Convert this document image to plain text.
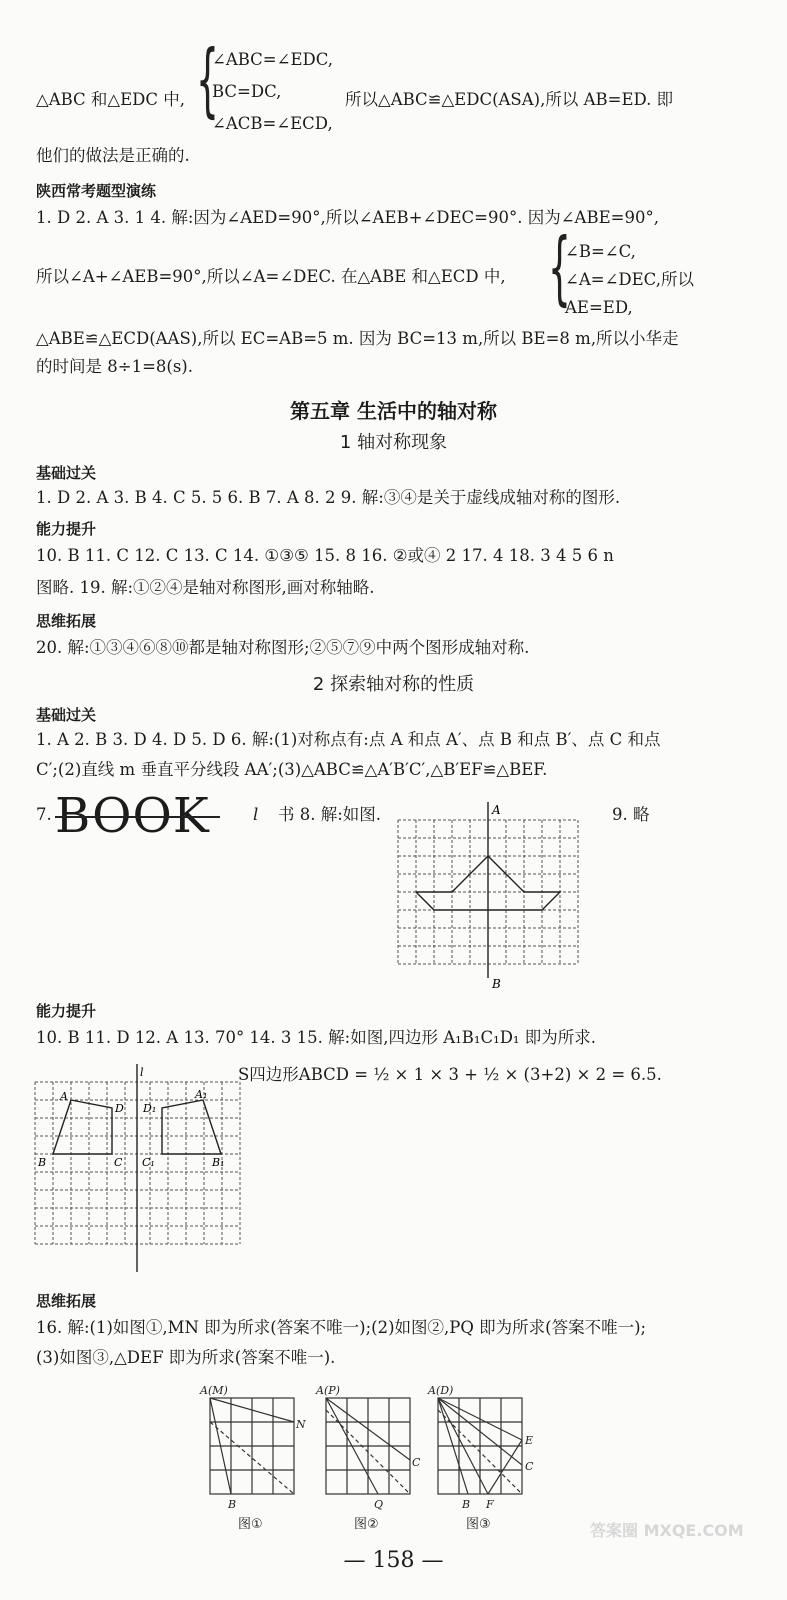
△ABC 和△EDC 中, {
∠ABC=∠EDC,
BC=DC,
∠ACB=∠ECD,
所以△ABC≌△EDC(ASA),所以 AB=ED. 即
他们的做法是正确的.
陕西常考题型演练
1. D 2. A 3. 1 4. 解:因为∠AED=90°,所以∠AEB+∠DEC=90°. 因为∠ABE=90°,
所以∠A+∠AEB=90°,所以∠A=∠DEC. 在△ABE 和△ECD 中, {
∠B=∠C,
∠A=∠DEC,所以
AE=ED,
△ABE≌△ECD(AAS),所以 EC=AB=5 m. 因为 BC=13 m,所以 BE=8 m,所以小华走
的时间是 8÷1=8(s).
第五章 生活中的轴对称
1 轴对称现象
基础过关
1. D 2. A 3. B 4. C 5. 5 6. B 7. A 8. 2 9. 解:③④是关于虚线成轴对称的图形.
能力提升
10. B 11. C 12. C 13. C 14. ①③⑤ 15. 8 16. ②或④ 2 17. 4 18. 3 4 5 6 n
图略. 19. 解:①②④是轴对称图形,画对称轴略.
思维拓展
20. 解:①③④⑥⑧⑩都是轴对称图形;②⑤⑦⑨中两个图形成轴对称.
2 探索轴对称的性质
基础过关
1. A 2. B 3. D 4. D 5. D 6. 解:(1)对称点有:点 A 和点 A′、点 B 和点 B′、点 C 和点
C′;(2)直线 m 垂直平分线段 AA′;(3)△ABC≌△A′B′C′,△B′EF≌△BEF.
7. BOOK	l 书 8. 解:如图.	9. 略
A
B
能力提升
10. B 11. D 12. A 13. 70° 14. 3 15. 解:如图,四边形 A₁B₁C₁D₁ 即为所求.
S四边形ABCD = ½ × 1 × 3 + ½ × (3+2) × 2 = 6.5.
l
A
D D₁
A₁
B	C C₁	B₁
思维拓展
16. 解:(1)如图①,MN 即为所求(答案不唯一);(2)如图②,PQ 即为所求(答案不唯一);
(3)如图③,△DEF 即为所求(答案不唯一).
A(M)
N
B
A(P)
C
Q
A(D)
E
C
B F
图①	图②	图③
— 158 —
答案圈 MXQE.COM
